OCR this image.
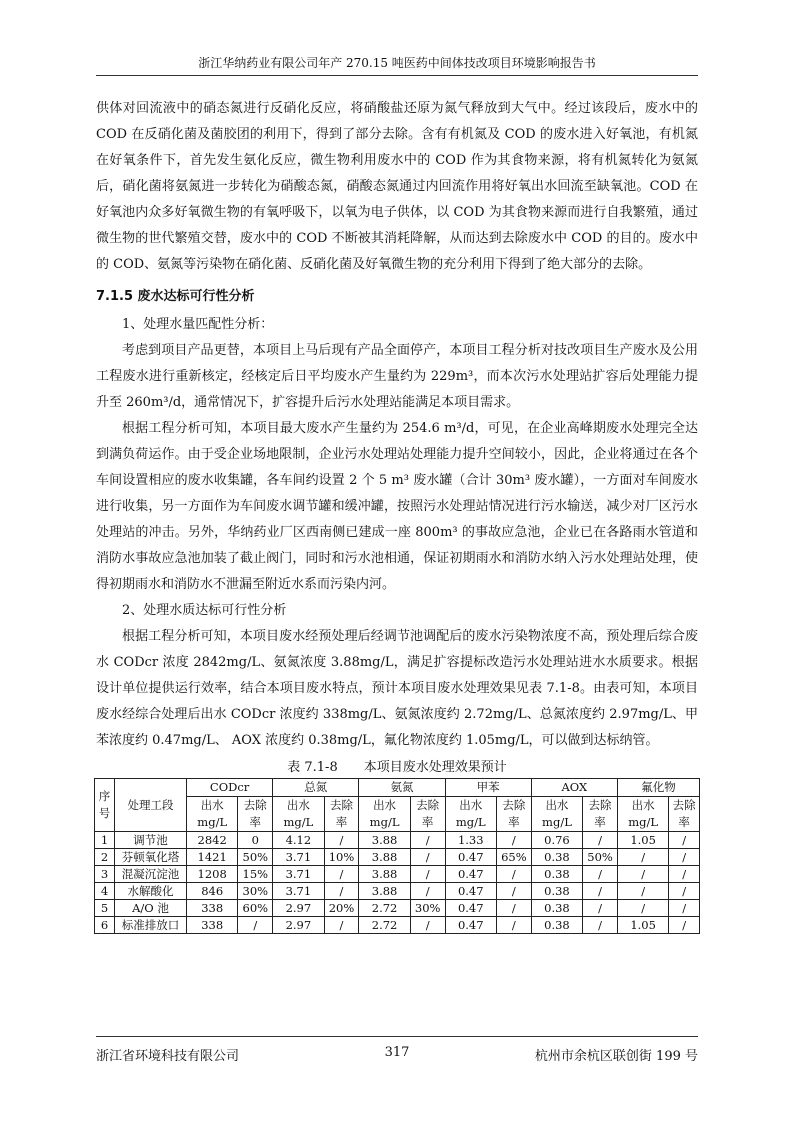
浙江华纳药业有限公司年产 270.15 吨医药中间体技改项目环境影响报告书

供体对回流液中的硝态氮进行反硝化反应，将硝酸盐还原为氮气释放到大气中。经过该段后，废水中的 COD 在反硝化菌及菌胶团的利用下，得到了部分去除。含有有机氮及 COD 的废水进入好氧池，有机氮在好氧条件下，首先发生氨化反应，微生物利用废水中的 COD 作为其食物来源，将有机氮转化为氨氮后，硝化菌将氨氮进一步转化为硝酸态氮，硝酸态氮通过内回流作用将好氧出水回流至缺氧池。COD 在好氧池内众多好氧微生物的有氧呼吸下，以氧为电子供体，以 COD 为其食物来源而进行自我繁殖，通过微生物的世代繁殖交替，废水中的 COD 不断被其消耗降解，从而达到去除废水中 COD 的目的。废水中的 COD、氨氮等污染物在硝化菌、反硝化菌及好氧微生物的充分利用下得到了绝大部分的去除。

7.1.5 废水达标可行性分析

1、处理水量匹配性分析：

考虑到项目产品更替，本项目上马后现有产品全面停产，本项目工程分析对技改项目生产废水及公用工程废水进行重新核定，经核定后日平均废水产生量约为 229m³，而本次污水处理站扩容后处理能力提升至 260m³/d，通常情况下，扩容提升后污水处理站能满足本项目需求。

根据工程分析可知，本项目最大废水产生量约为 254.6 m³/d，可见，在企业高峰期废水处理完全达到满负荷运作。由于受企业场地限制，企业污水处理站处理能力提升空间较小，因此，企业将通过在各个车间设置相应的废水收集罐，各车间约设置 2 个 5 m³ 废水罐（合计 30m³ 废水罐），一方面对车间废水进行收集，另一方面作为车间废水调节罐和缓冲罐，按照污水处理站情况进行污水输送，减少对厂区污水处理站的冲击。另外，华纳药业厂区西南侧已建成一座 800m³ 的事故应急池，企业已在各路雨水管道和消防水事故应急池加装了截止阀门，同时和污水池相通，保证初期雨水和消防水纳入污水处理站处理，使得初期雨水和消防水不泄漏至附近水系而污染内河。

2、处理水质达标可行性分析

根据工程分析可知，本项目废水经预处理后经调节池调配后的废水污染物浓度不高，预处理后综合废水 CODcr 浓度 2842mg/L、氨氮浓度 3.88mg/L，满足扩容提标改造污水处理站进水水质要求。根据设计单位提供运行效率，结合本项目废水特点，预计本项目废水处理效果见表 7.1-8。由表可知，本项目废水经综合处理后出水 CODcr 浓度约 338mg/L、氨氮浓度约 2.72mg/L、总氮浓度约 2.97mg/L、甲苯浓度约 0.47mg/L、 AOX 浓度约 0.38mg/L，氟化物浓度约 1.05mg/L，可以做到达标纳管。

表 7.1-8　　本项目废水处理效果预计
序号	处理工段	CODcr		总氮		氨氮		甲苯		AOX		氟化物	
		出水 mg/L	去除率	出水 mg/L	去除率	出水 mg/L	去除率	出水 mg/L	去除率	出水 mg/L	去除率	出水 mg/L	去除率
1	调节池	2842	0	4.12	/	3.88	/	1.33	/	0.76	/	1.05	/
2	芬顿氧化塔	1421	50%	3.71	10%	3.88	/	0.47	65%	0.38	50%	/	/
3	混凝沉淀池	1208	15%	3.71	/	3.88	/	0.47	/	0.38	/	/	/
4	水解酸化	846	30%	3.71	/	3.88	/	0.47	/	0.38	/	/	/
5	A/O 池	338	60%	2.97	20%	2.72	30%	0.47	/	0.38	/	/	/
6	标准排放口	338	/	2.97	/	2.72	/	0.47	/	0.38	/	1.05	/
浙江省环境科技有限公司	317	杭州市余杭区联创街 199 号
